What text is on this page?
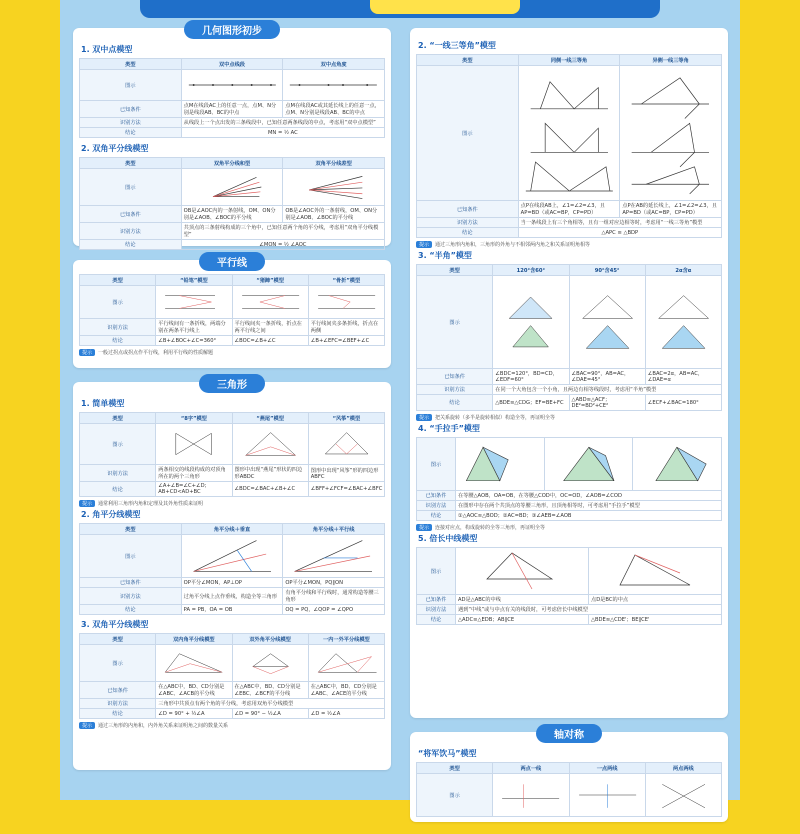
几何图形初步
1. 双中点模型
类型	双中点线段	双中点角度
图示	

已知条件	点M在线段AC上的任意一点，点M、N分别是线段AB、BC的中点	点M在线段AC或其延长线上的任意一点，点M、N分别是线段AB、BC的中点
识别方法	从线段上一个点出发的三条线段中，已知任意两条线段的中点，考虑用“双中点模型”	
结论	MN = ½ AC	
2. 双角平分线模型
类型	双角平分线和型	双角平分线差型
图示	

已知条件	OB是∠AOC内的一条射线，OM、ON分别是∠AOB、∠BOC的平分线	OB是∠AOC外的一条射线，OM、ON分别是∠AOB、∠BOC的平分线
识别方法	共顶点的三条射线构成的三个角中，已知任意两个角的平分线，考虑用“双角平分线模型”	
结论	∠MON = ½ ∠AOC	
平行线
类型	“铅笔”模型	“猪蹄”模型	“骨折”模型
图示	

识别方法	平行线间有一条折线，两端分别在两条平行线上	平行线间夹一条折线，折点在两平行线之间	平行线间夹多条折线，折点在两侧
结论	∠B+∠BOC+∠C=360°	∠BOC=∠B+∠C	∠B+∠EFC=∠BEF+∠C
提示	一般过拐点或拐点作平行线，利用平行线的性质解题
三角形
1. 简单模型
类型	“8字”模型	“燕尾”模型	“风筝”模型
图示	

识别方法	两条相交的线段构成的对顶角所在的两个三角形	图形中出现“燕尾”形状的四边形ABDC	图形中出现“风筝”形的四边形ABFC
结论	∠A+∠B=∠C+∠D; AB+CD<AD+BC	∠BDC=∠BAC+∠B+∠C	∠BFF+∠FCF=∠BAC+∠BFC
提示	通常利用三角形内角和定理及其外角性质来证明
2. 角平分线模型
类型	角平分线＋垂直	角平分线＋平行线
图示	

已知条件	OP平分∠MON，AP⊥OP	OP平分∠MON，PQ∥ON
识别方法	过角平分线上点作垂线，构造全等三角形	有角平分线和平行线时，通常构造等腰三角形
结论	PA = PB，OA = OB	OQ = PQ，∠QOP = ∠QPO
3. 双角平分线模型
类型	双内角平分线模型	双外角平分线模型	一内一外平分线模型
图示	

已知条件	在△ABC中，BD、CD分别是∠ABC、∠ACB的平分线	在△ABC中，BD、CD分别是∠EBC、∠BCF的平分线	在△ABC中，BD、CD分别是∠ABC、∠ACE的平分线
识别方法	三角形中共顶点有两个角的平分线，考虑用双角平分线模型		
结论	∠D = 90° + ½∠A	∠D = 90° − ½∠A	∠D = ½∠A
提示	通过三角形的内角和，内外角关系来证明角之间的数量关系
2. “一线三等角”模型
类型	同侧一线三等角	异侧一线三等角
图示	

已知条件	点P在线段AB上，∠1=∠2=∠3，且AP=BD（或AC=BP，CP=PD）	点P在AB的延长线上，∠1=∠2=∠3，且AP=BD（或AC=BP，CP=PD）
识别方法	当一条线段上有三个角相等，且有一组对应边相等时，考虑用“一线三等角”模型	
结论	△APC ≌ △BDP	
提示	通过三角形内角和，三角形的外角与不相邻两内角之和关系证明角相等
3. “半角”模型
类型	120°含60°	90°含45°	2α含α
图示	

已知条件	∠BDC=120°，BD=CD，∠EDF=60°	∠BAC=90°，AB=AC，∠DAE=45°	∠BAC=2α，AB=AC，∠DAE=α
识别方法	在同一个大角包含一个小角，且两边有相等线段时，考虑用“半角”模型		
结论	△BDE≌△CDG；EF=BE+FC	△ABD≌△ACF；DE²=BD²+CE²	∠ECF+∠BAC=180°
提示	把关系旋转（多半是旋转相似）构造全等，再证明全等
4. “手拉手”模型
图示	

已知条件	在等腰△AOB，OA=OB，在等腰△COD中，OC=OD，∠AOB=∠COD		
识别方法	在图形中存在两个共顶点的等腰三角形，且顶角相等时，可考虑用“手拉手”模型		
结论	①△AOC≌△BOD；②AC=BD；③∠AEB=∠AOB		
提示	连接对应点，构成旋转的全等三角形，再证明全等
5. 倍长中线模型
图示	

已知条件	AD是△ABC的中线	点D是BC的中点
识别方法	遇到“中线”或与中点有关的线段时，可考虑倍长中线模型	
结论	△ADC≌△EDB；AB∥CE	△BDE≌△CDE'；BE∥CE'
轴对称
“将军饮马”模型
类型	两点一线	一点两线	两点两线
图示	
